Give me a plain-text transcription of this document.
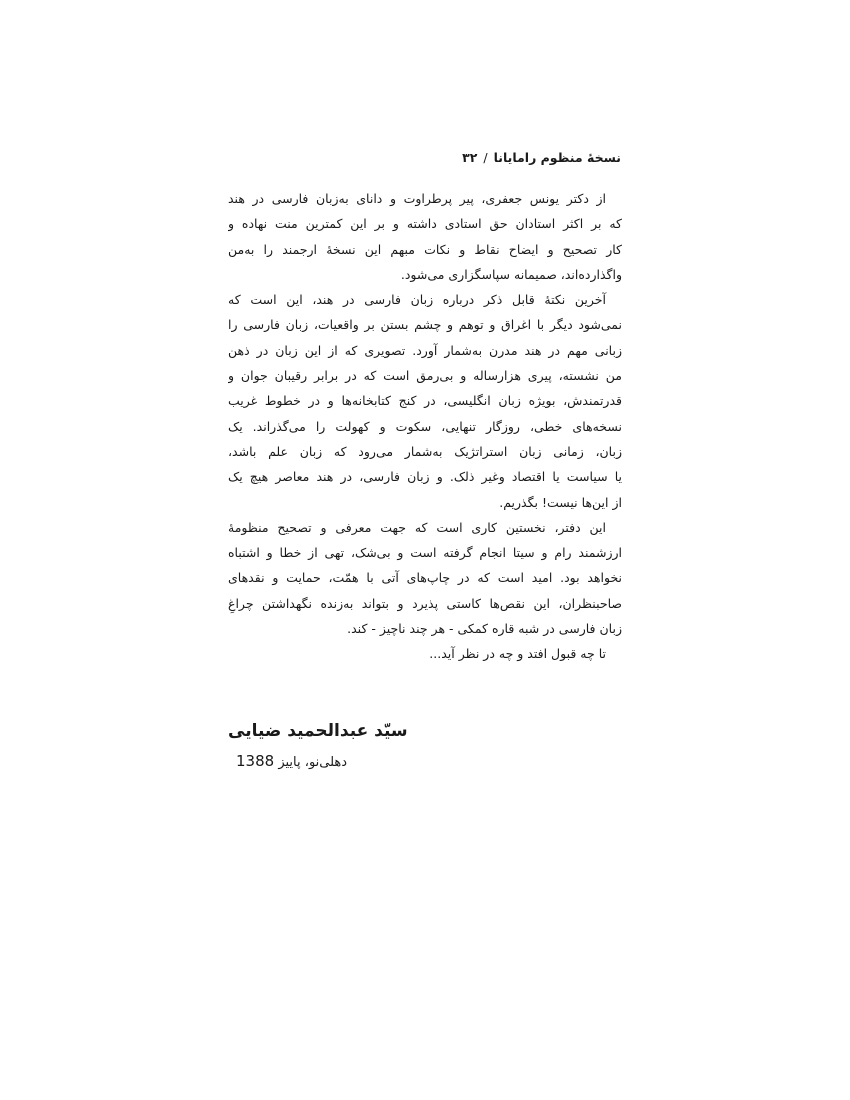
نسخهٔ منظوم رامایانا/۳۲
از دکتر یونس جعفری، پیر پرطراوت و دانای به‌زبان فارسی در هند
که بر اکثر استادان حق استادی داشته و بر این کمترین منت نهاده و
کار تصحیح و ایضاح نقاط و نکات مبهم این نسخهٔ ارجمند را به‌من
واگذارده‌اند، صمیمانه سپاسگزاری می‌شود.
آخرین نکتهٔ قابل ذکر درباره زبان فارسی در هند، این است که
نمی‌شود دیگر با اغراق و توهم و چشم بستن بر واقعیات، زبان فارسی را
زبانی مهم در هند مدرن به‌شمار آورد. تصویری که از این زبان در ذهن
من نشسته، پیری هزارساله و بی‌رمق است که در برابر رقیبان جوان و
قدرتمندش، بویژه زبان انگلیسی، در کنج کتابخانه‌ها و در خطوط غریب
نسخه‌های خطی، روزگار تنهایی، سکوت و کهولت را می‌گذراند. یک
زبان، زمانی زبان استراتژیک به‌شمار می‌رود که زبان علم باشد،
یا سیاست یا اقتصاد وغیر ذلک. و زبان فارسی، در هند معاصر هیچ یک
از این‌ها نیست! بگذریم.
این دفتر، نخستین کاری است که جهت معرفی و تصحیح منظومهٔ
ارزشمند رام و سیتا انجام گرفته است و بی‌شک، تهی از خطا و اشتباه
نخواهد بود. امید است که در چاپ‌های آتی با همّت، حمایت و نقدهای
صاحبنظران، این نقص‌ها کاستی پذیرد و بتواند به‌زنده نگهداشتن چراغِ
زبان فارسی در شبه قاره کمکی - هر چند ناچیز - کند.
تا چه قبول افتد و چه در نظر آید...
سیّد عبدالحمید ضیایی
دهلی‌نو، پاییز 1388
